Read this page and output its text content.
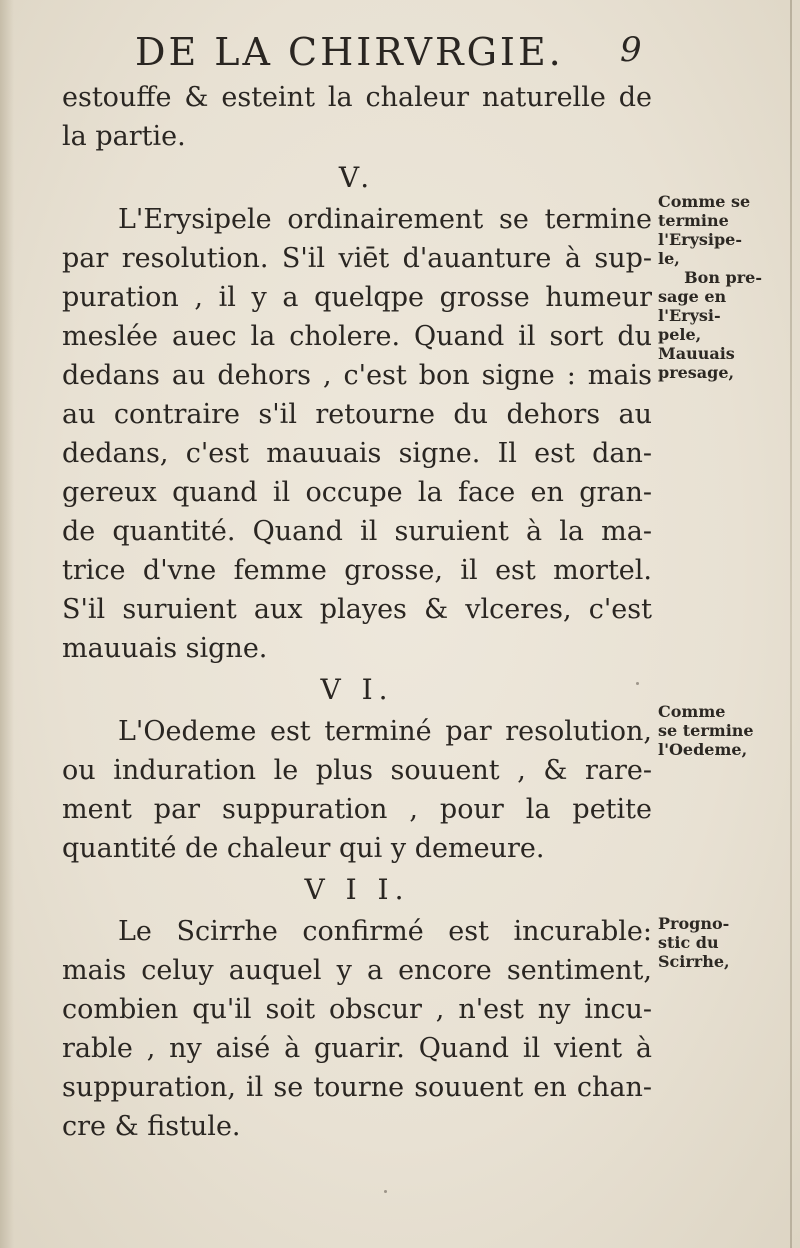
DE LA CHIRVRGIE. 9
estouffe & esteint la chaleur naturelle de
la partie.
V.
L'Erysipele ordinairement se termine
par resolution. S'il viēt d'auanture à sup-
puration , il y a quelqpe grosse humeur
meslée auec la cholere. Quand il sort du
dedans au dehors , c'est bon signe : mais
au contraire s'il retourne du dehors au
dedans, c'est mauuais signe. Il est dan-
gereux quand il occupe la face en gran-
de quantité. Quand il suruient à la ma-
trice d'vne femme grosse, il est mortel.
S'il suruient aux playes & vlceres, c'est
mauuais signe.
V I.
L'Oedeme est terminé par resolution,
ou induration le plus souuent , & rare-
ment par suppuration , pour la petite
quantité de chaleur qui y demeure.
V I I.
Le Scirrhe confirmé est incurable:
mais celuy auquel y a encore sentiment,
combien qu'il soit obscur , n'est ny incu-
rable , ny aisé à guarir. Quand il vient à
suppuration, il se tourne souuent en chan-
cre & fistule.
Comme se
termine
l'Erysipe-
le,
Bon pre-
sage en
l'Erysi-
pele,
Mauuais
presage,
Comme
se termine
l'Oedeme,
Progno-
stic du
Scirrhe,
